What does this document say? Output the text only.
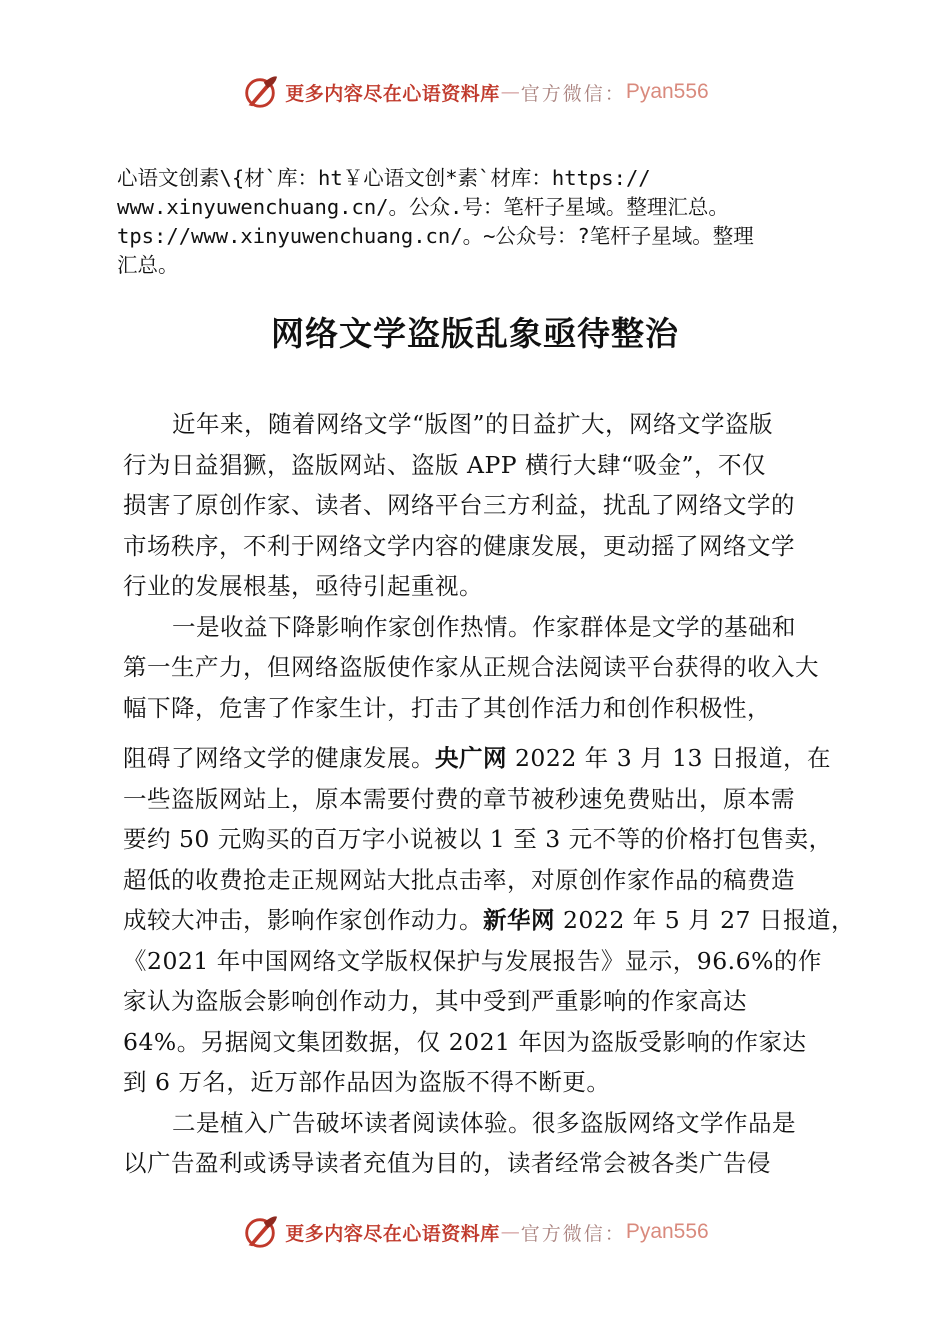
更多内容尽在心语资料库 — 官方微信： Pyan556
心语文创素\{材`库：ht￥心语文创*素`材库：https://
www.xinyuwenchuang.cn/。公众.号：笔杆子星域。整理汇总。
tps://www.xinyuwenchuang.cn/。~公众号：?笔杆子星域。整理
汇总。
网络文学盗版乱象亟待整治

近年来，随着网络文学“版图”的日益扩大，网络文学盗版
行为日益猖獗，盗版网站、盗版 APP 横行大肆“吸金”，不仅
损害了原创作家、读者、网络平台三方利益，扰乱了网络文学的
市场秩序，不利于网络文学内容的健康发展，更动摇了网络文学
行业的发展根基，亟待引起重视。

一是收益下降影响作家创作热情。作家群体是文学的基础和
第一生产力，但网络盗版使作家从正规合法阅读平台获得的收入大
幅下降，危害了作家生计，打击了其创作活力和创作积极性，

阻碍了网络文学的健康发展。央广网 2022 年 3 月 13 日报道，在
一些盗版网站上，原本需要付费的章节被秒速免费贴出，原本需
要约 50 元购买的百万字小说被以 1 至 3 元不等的价格打包售卖，
超低的收费抢走正规网站大批点击率，对原创作家作品的稿费造
成较大冲击，影响作家创作动力。新华网 2022 年 5 月 27 日报道，
《2021 年中国网络文学版权保护与发展报告》显示，96.6%的作
家认为盗版会影响创作动力，其中受到严重影响的作家高达
64%。另据阅文集团数据，仅 2021 年因为盗版受影响的作家达
到 6 万名，近万部作品因为盗版不得不断更。

二是植入广告破坏读者阅读体验。很多盗版网络文学作品是
以广告盈利或诱导读者充值为目的，读者经常会被各类广告侵

更多内容尽在心语资料库 — 官方微信： Pyan556
